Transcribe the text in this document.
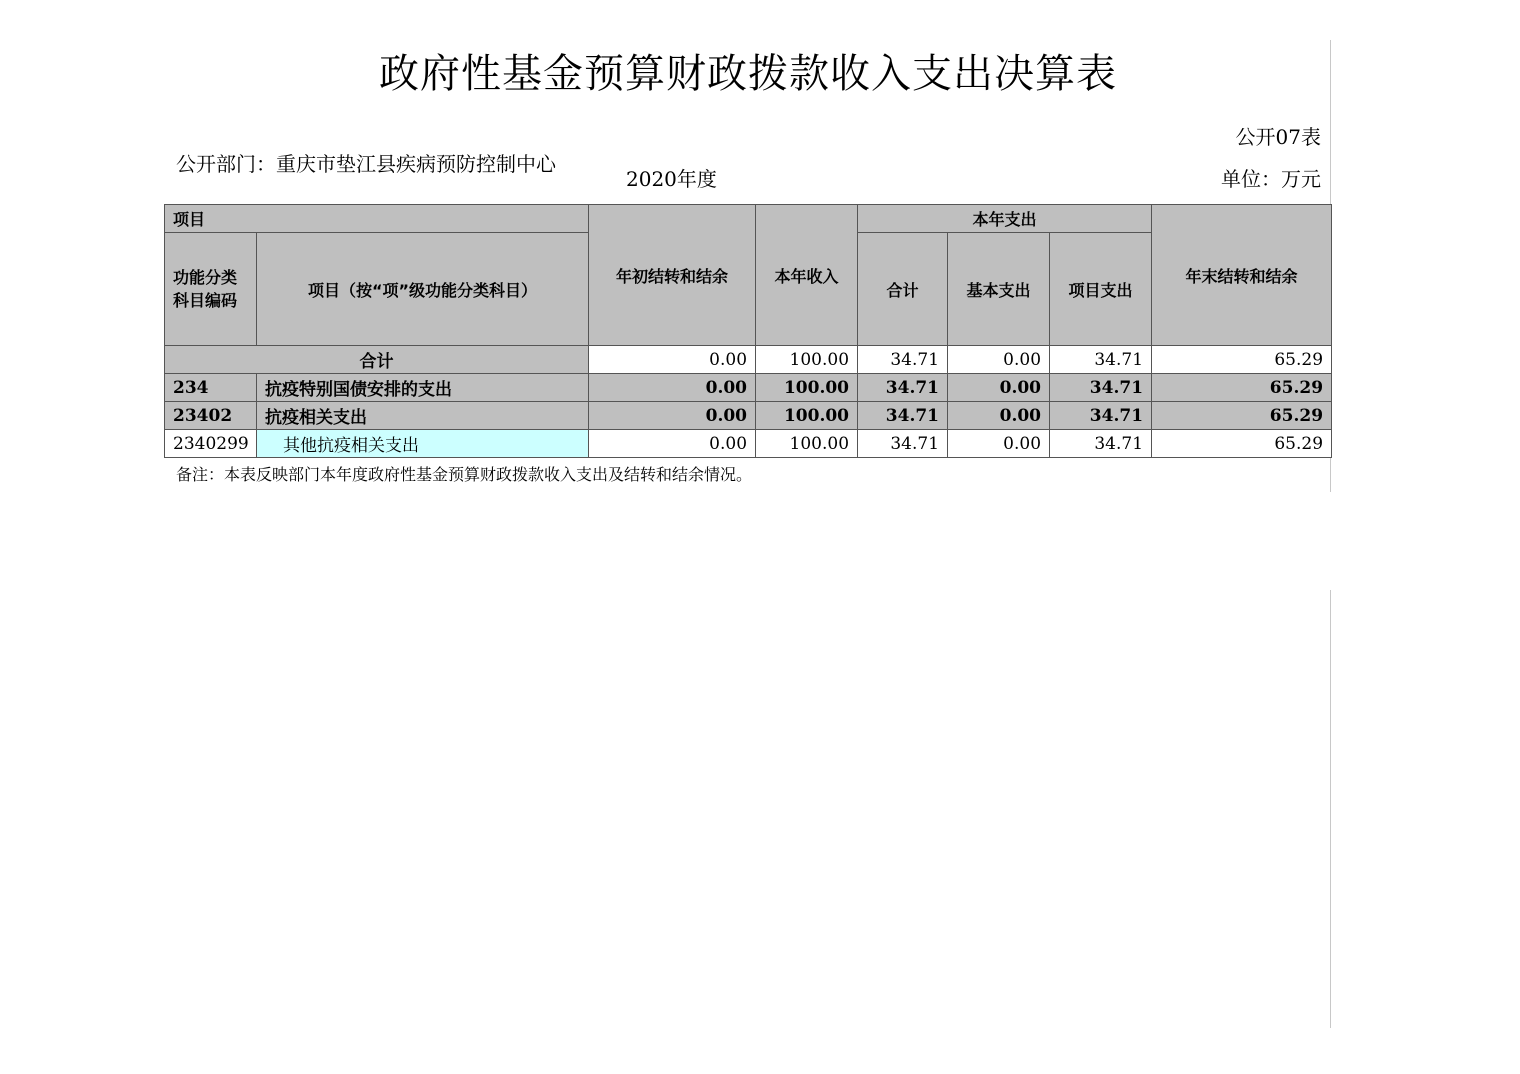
政府性基金预算财政拨款收入支出决算表
公开07表
公开部门：重庆市垫江县疾病预防控制中心
2020年度	单位：万元
项目		年初结转和结余	本年收入	本年支出			年末结转和结余
功能分类科目编码	项目（按“项”级功能分类科目）			合计	基本支出	项目支出	
合计		0.00	100.00	34.71	0.00	34.71	65.29
234	抗疫特别国债安排的支出	0.00	100.00	34.71	0.00	34.71	65.29
23402	抗疫相关支出	0.00	100.00	34.71	0.00	34.71	65.29
2340299	其他抗疫相关支出	0.00	100.00	34.71	0.00	34.71	65.29
备注：本表反映部门本年度政府性基金预算财政拨款收入支出及结转和结余情况。
